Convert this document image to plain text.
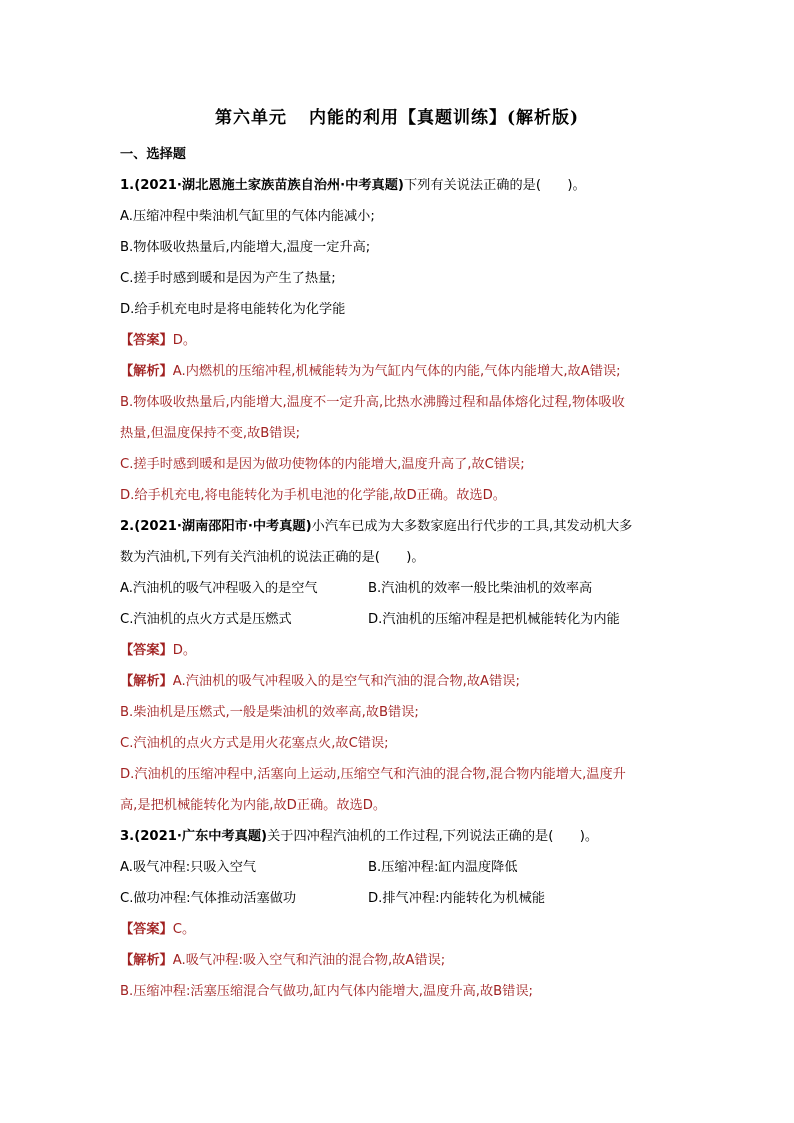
第六单元 内能的利用【真题训练】(解析版)
一、选择题
1.(2021·湖北恩施土家族苗族自治州·中考真题)下列有关说法正确的是(　　)。
A.压缩冲程中柴油机气缸里的气体内能减小;
B.物体吸收热量后,内能增大,温度一定升高;
C.搓手时感到暖和是因为产生了热量;
D.给手机充电时是将电能转化为化学能
【答案】D。
【解析】A.内燃机的压缩冲程,机械能转为为气缸内气体的内能,气体内能增大,故A错误;
B.物体吸收热量后,内能增大,温度不一定升高,比热水沸腾过程和晶体熔化过程,物体吸收
热量,但温度保持不变,故B错误;
C.搓手时感到暖和是因为做功使物体的内能增大,温度升高了,故C错误;
D.给手机充电,将电能转化为手机电池的化学能,故D正确。故选D。
2.(2021·湖南邵阳市·中考真题)小汽车已成为大多数家庭出行代步的工具,其发动机大多
数为汽油机,下列有关汽油机的说法正确的是(　　)。
A.汽油机的吸气冲程吸入的是空气	B.汽油机的效率一般比柴油机的效率高
C.汽油机的点火方式是压燃式	D.汽油机的压缩冲程是把机械能转化为内能
【答案】D。
【解析】A.汽油机的吸气冲程吸入的是空气和汽油的混合物,故A错误;
B.柴油机是压燃式,一般是柴油机的效率高,故B错误;
C.汽油机的点火方式是用火花塞点火,故C错误;
D.汽油机的压缩冲程中,活塞向上运动,压缩空气和汽油的混合物,混合物内能增大,温度升
高,是把机械能转化为内能,故D正确。故选D。
3.(2021·广东中考真题)关于四冲程汽油机的工作过程,下列说法正确的是(　　)。
A.吸气冲程:只吸入空气	B.压缩冲程:缸内温度降低
C.做功冲程:气体推动活塞做功	D.排气冲程:内能转化为机械能
【答案】C。
【解析】A.吸气冲程:吸入空气和汽油的混合物,故A错误;
B.压缩冲程:活塞压缩混合气做功,缸内气体内能增大,温度升高,故B错误;
